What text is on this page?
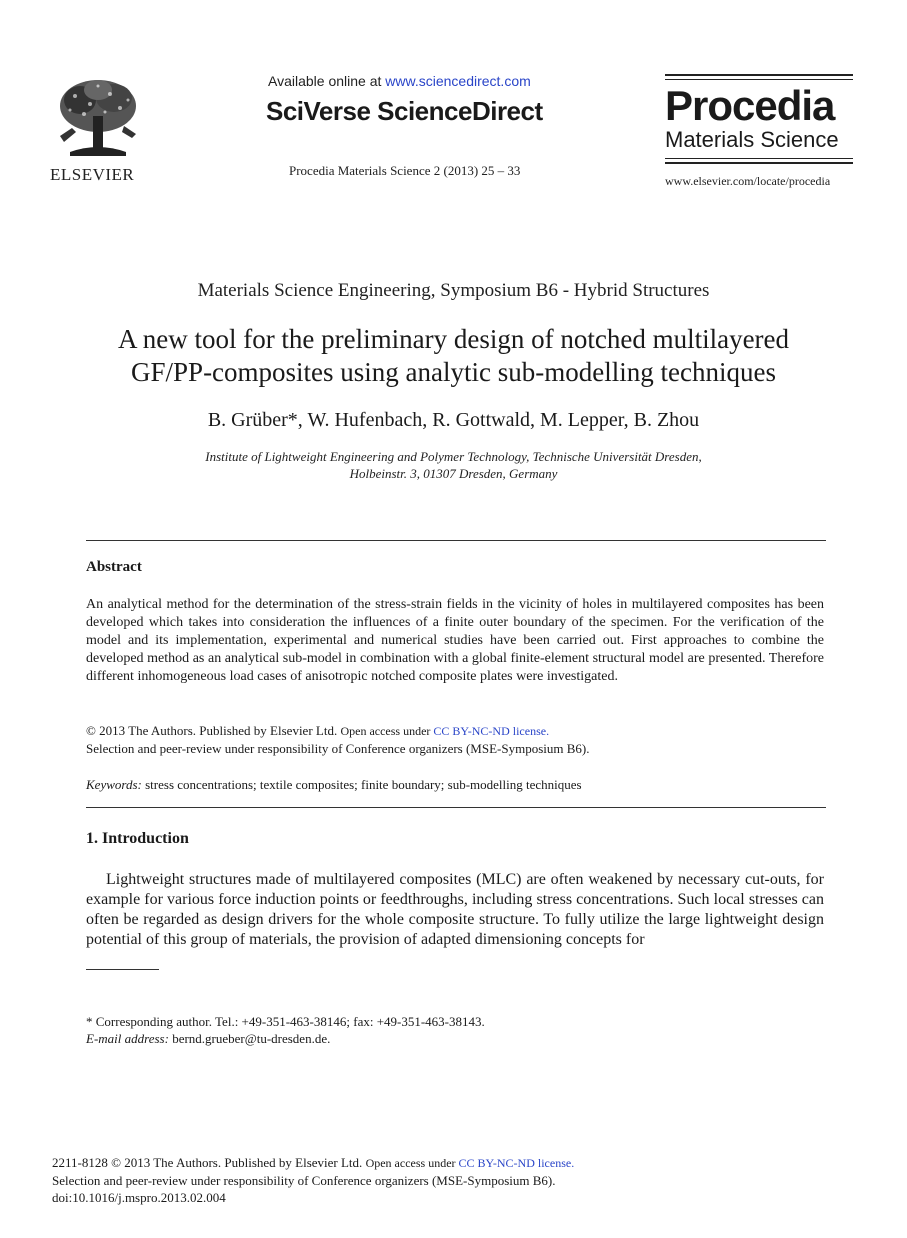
ELSEVIER
Available online at www.sciencedirect.com
SciVerse ScienceDirect
Procedia Materials Science 2 (2013) 25 – 33
Procedia
Materials Science
www.elsevier.com/locate/procedia
Materials Science Engineering, Symposium B6 - Hybrid Structures
A new tool for the preliminary design of notched multilayered
GF/PP-composites using analytic sub-modelling techniques
B. Grüber*, W. Hufenbach, R. Gottwald, M. Lepper, B. Zhou
Institute of Lightweight Engineering and Polymer Technology, Technische Universität Dresden,
Holbeinstr. 3, 01307 Dresden, Germany
Abstract
An analytical method for the determination of the stress-strain fields in the vicinity of holes in multilayered composites has been developed which takes into consideration the influences of a finite outer boundary of the specimen. For the verification of the model and its implementation, experimental and numerical studies have been carried out. First approaches to combine the developed method as an analytical sub-model in combination with a global finite-element structural model are presented. Therefore different inhomogeneous load cases of anisotropic notched composite plates were investigated.
© 2013 The Authors. Published by Elsevier Ltd. Open access under CC BY-NC-ND license.
Selection and peer-review under responsibility of Conference organizers (MSE-Symposium B6).
Keywords: stress concentrations; textile composites; finite boundary; sub-modelling techniques
1. Introduction

Lightweight structures made of multilayered composites (MLC) are often weakened by necessary cut-outs, for example for various force induction points or feedthroughs, including stress concentrations. Such local stresses can often be regarded as design drivers for the whole composite structure. To fully utilize the large lightweight design potential of this group of materials, the provision of adapted dimensioning concepts for

* Corresponding author. Tel.: +49-351-463-38146; fax: +49-351-463-38143.
E-mail address: bernd.grueber@tu-dresden.de.
2211-8128 © 2013 The Authors. Published by Elsevier Ltd. Open access under CC BY-NC-ND license.
Selection and peer-review under responsibility of Conference organizers (MSE-Symposium B6).
doi:10.1016/j.mspro.2013.02.004
